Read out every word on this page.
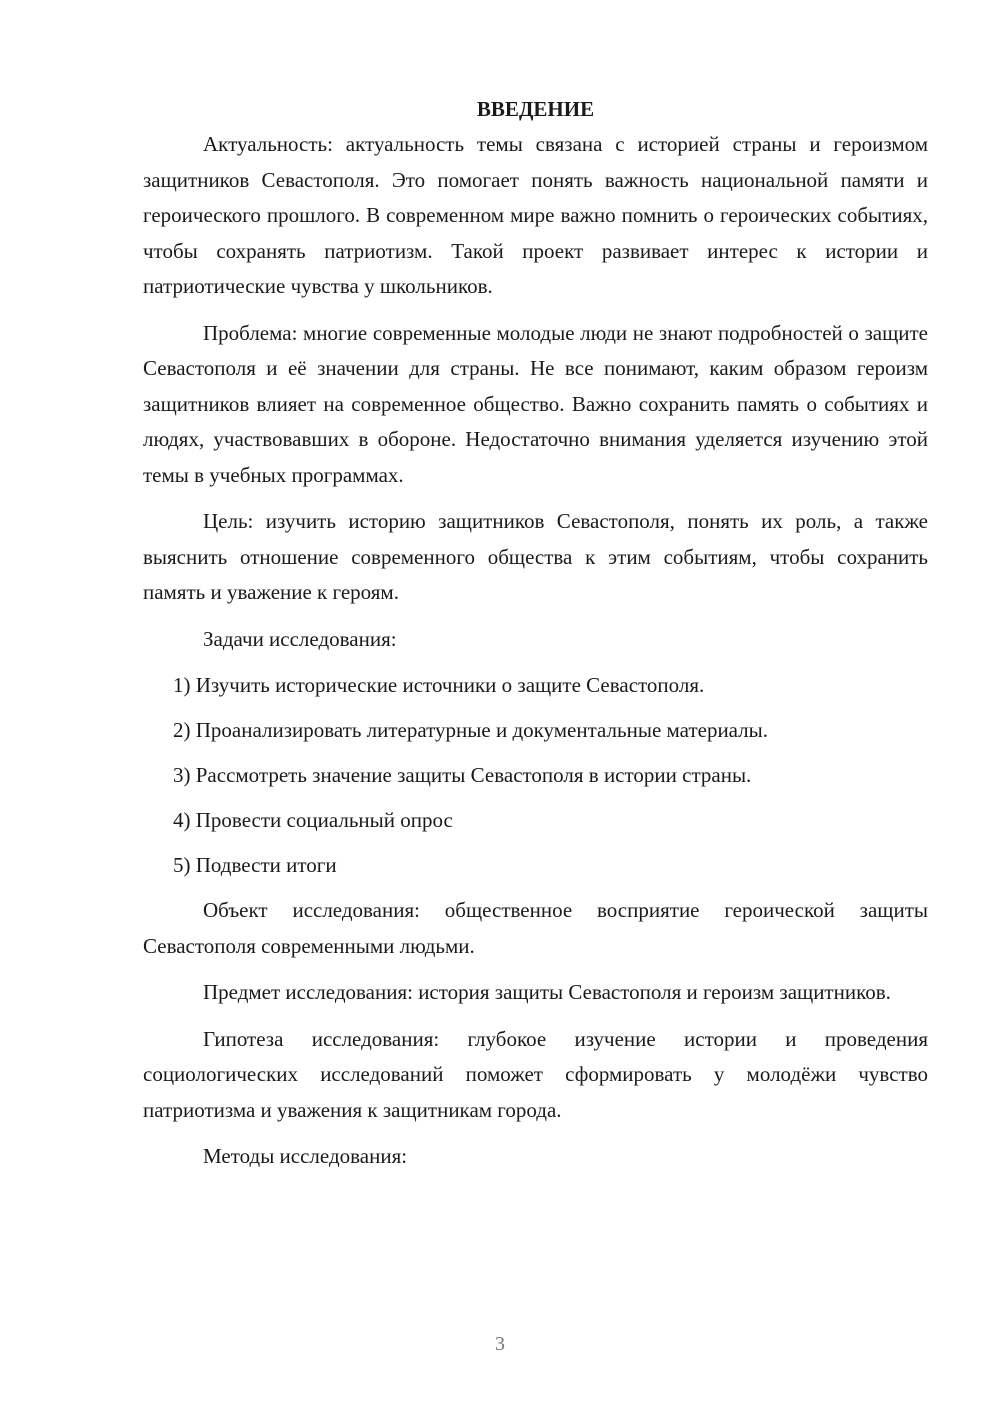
ВВЕДЕНИЕ

Актуальность: актуальность темы связана с историей страны и героизмом защитников Севастополя. Это помогает понять важность национальной памяти и героического прошлого. В современном мире важно помнить о героических событиях, чтобы сохранять патриотизм. Такой проект развивает интерес к истории и патриотические чувства у школьников.

Проблема: многие современные молодые люди не знают подробностей о защите Севастополя и её значении для страны. Не все понимают, каким образом героизм защитников влияет на современное общество. Важно сохранить память о событиях и людях, участвовавших в обороне. Недостаточно внимания уделяется изучению этой темы в учебных программах.

Цель: изучить историю защитников Севастополя, понять их роль, а также выяснить отношение современного общества к этим событиям, чтобы сохранить память и уважение к героям.

Задачи исследования:

1) Изучить исторические источники о защите Севастополя.
2) Проанализировать литературные и документальные материалы.
3) Рассмотреть значение защиты Севастополя в истории страны.
4) Провести социальный опрос
5) Подвести итоги

Объект исследования: общественное восприятие героической защиты Севастополя современными людьми.

Предмет исследования: история защиты Севастополя и героизм защитников.

Гипотеза исследования: глубокое изучение истории и проведения социологических исследований поможет сформировать у молодёжи чувство патриотизма и уважения к защитникам города.

Методы исследования:

3
